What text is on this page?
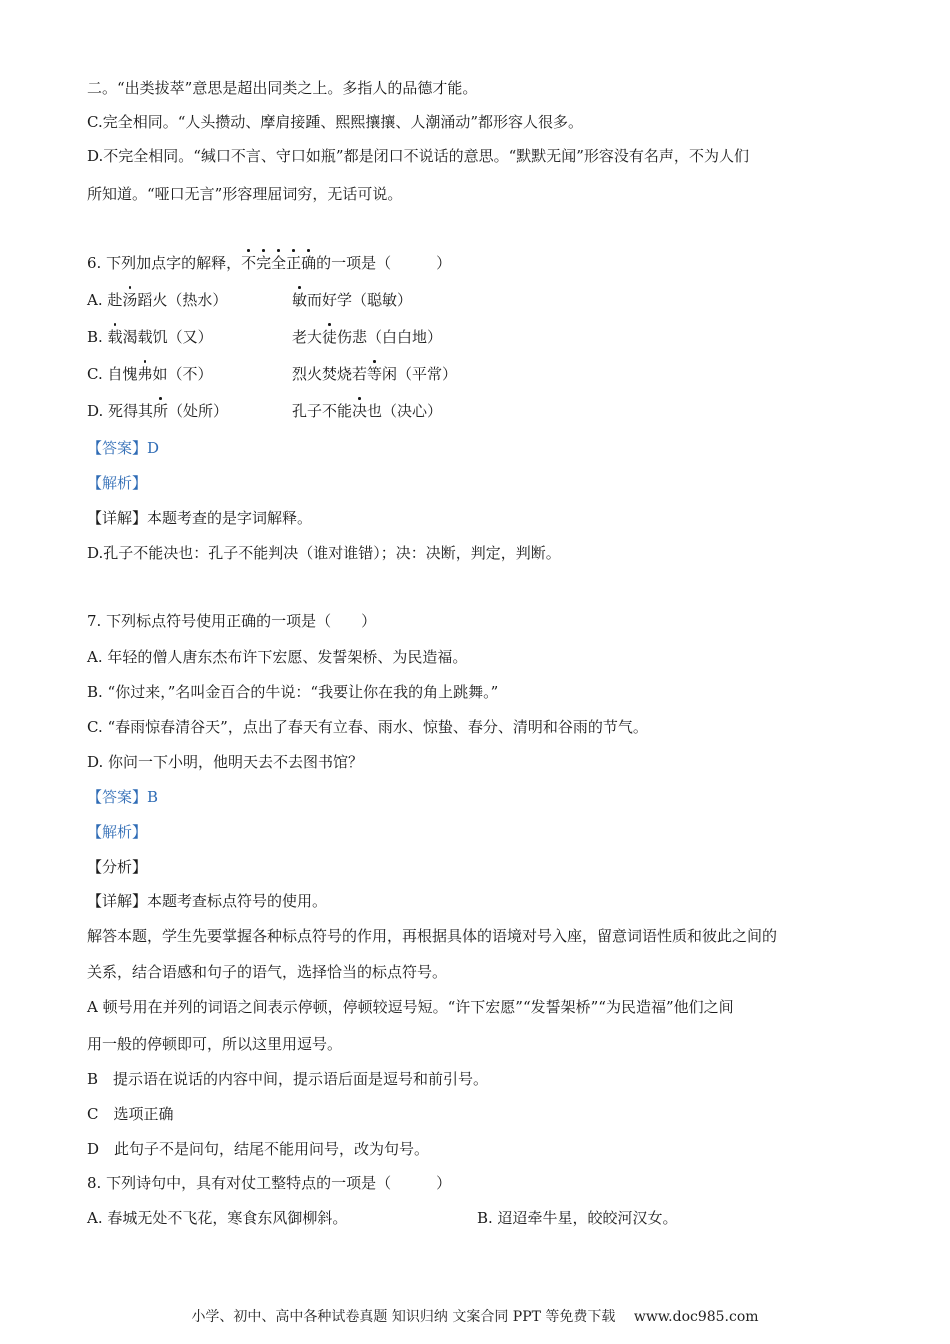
二。“出类拔萃”意思是超出同类之上。多指人的品德才能。
C.完全相同。“人头攒动、摩肩接踵、熙熙攘攘、人潮涌动”都形容人很多。
D.不完全相同。“缄口不言、守口如瓶”都是闭口不说话的意思。“默默无闻”形容没有名声，不为人们
所知道。“哑口无言”形容理屈词穷，无话可说。
6. 下列加点字的解释，不完全正确的一项是（　　　）
A. 赴汤蹈火（热水）	敏而好学（聪敏）
B. 载渴载饥（又）	老大徒伤悲（白白地）
C. 自愧弗如（不）	烈火焚烧若等闲（平常）
D. 死得其所（处所）	孔子不能决也（决心）
【答案】D
【解析】
【详解】本题考查的是字词解释。
D.孔子不能决也：孔子不能判决（谁对谁错）；决：决断，判定，判断。
7. 下列标点符号使用正确的一项是（　　）
A. 年轻的僧人唐东杰布许下宏愿、发誓架桥、为民造福。
B. “你过来，”名叫金百合的牛说：“我要让你在我的角上跳舞。”
C. “春雨惊春清谷天”，点出了春天有立春、雨水、惊蛰、春分、清明和谷雨的节气。
D. 你问一下小明，他明天去不去图书馆？
【答案】B
【解析】
【分析】
【详解】本题考查标点符号的使用。
解答本题，学生先要掌握各种标点符号的作用，再根据具体的语境对号入座，留意词语性质和彼此之间的
关系，结合语感和句子的语气，选择恰当的标点符号。
A 顿号用在并列的词语之间表示停顿，停顿较逗号短。“许下宏愿”“发誓架桥”“为民造福”他们之间
用一般的停顿即可，所以这里用逗号。
B　提示语在说话的内容中间，提示语后面是逗号和前引号。
C　选项正确
D　此句子不是问句，结尾不能用问号，改为句号。
8. 下列诗句中，具有对仗工整特点的一项是（　　　）
A. 春城无处不飞花，寒食东风御柳斜。	B. 迢迢牵牛星，皎皎河汉女。
小学、初中、高中各种试卷真题 知识归纳 文案合同 PPT 等免费下载　 www.doc985.com
